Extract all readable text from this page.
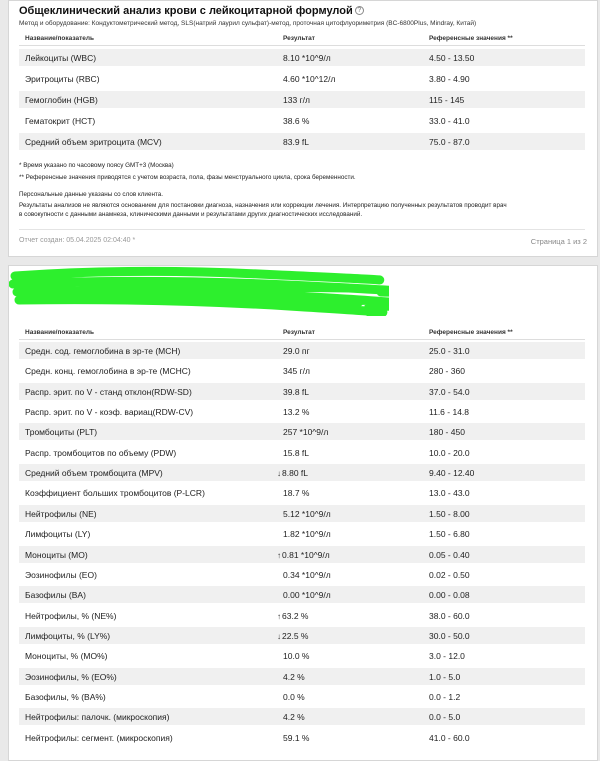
Общеклинический анализ крови с лейкоцитарной формулой ?
Метод и оборудование: Кондуктометрический метод, SLS(натрий лаурил сульфат)-метод, проточная цитофлуориметрия (BC-6800Plus, Mindray, Китай)
Название/показатель	Результат	Референсные значения **
Лейкоциты (WBC)	8.10 *10^9/л	4.50 - 13.50
Эритроциты (RBC)	4.60 *10^12/л	3.80 - 4.90
Гемоглобин (HGB)	133 г/л	115 - 145
Гематокрит (HCT)	38.6 %	33.0 - 41.0
Средний объем эритроцита (MCV)	83.9 fL	75.0 - 87.0
* Время указано по часовому поясу GMT+3 (Москва)
** Референсные значения приводятся с учетом возраста, пола, фазы менструального цикла, срока беременности.
Персональные данные указаны со слов клиента.
Результаты анализов не являются основанием для постановки диагноза, назначения или коррекции лечения. Интерпретацию полученных результатов проводит врач
в совокупности с данными анамнеза, клиническими данными и результатами других диагностических исследований.
Отчет создан: 05.04.2025 02:04:40 *	Страница 1 из 2
Название/показатель	Результат	Референсные значения **
Средн. сод. гемоглобина в эр-те (MCH)	29.0 пг	25.0 - 31.0
Средн. конц. гемоглобина в эр-те (MCHC)	345 г/л	280 - 360
Распр. эрит. по V - станд отклон(RDW-SD)	39.8 fL	37.0 - 54.0
Распр. эрит. по V - коэф. вариац(RDW-CV)	13.2 %	11.6 - 14.8
Тромбоциты (PLT)	257 *10^9/л	180 - 450
Распр. тромбоцитов по объему (PDW)	15.8 fL	10.0 - 20.0
Средний объем тромбоцита (MPV)	↓8.80 fL	9.40 - 12.40
Коэффициент больших тромбоцитов (P-LCR)	18.7 %	13.0 - 43.0
Нейтрофилы (NE)	5.12 *10^9/л	1.50 - 8.00
Лимфоциты (LY)	1.82 *10^9/л	1.50 - 6.80
Моноциты (MO)	↑0.81 *10^9/л	0.05 - 0.40
Эозинофилы (EO)	0.34 *10^9/л	0.02 - 0.50
Базофилы (BA)	0.00 *10^9/л	0.00 - 0.08
Нейтрофилы, % (NE%)	↑63.2 %	38.0 - 60.0
Лимфоциты, % (LY%)	↓22.5 %	30.0 - 50.0
Моноциты, % (MO%)	10.0 %	3.0 - 12.0
Эозинофилы, % (EO%)	4.2 %	1.0 - 5.0
Базофилы, % (BA%)	0.0 %	0.0 - 1.2
Нейтрофилы: палочк. (микроскопия)	4.2 %	0.0 - 5.0
Нейтрофилы: сегмент. (микроскопия)	59.1 %	41.0 - 60.0
